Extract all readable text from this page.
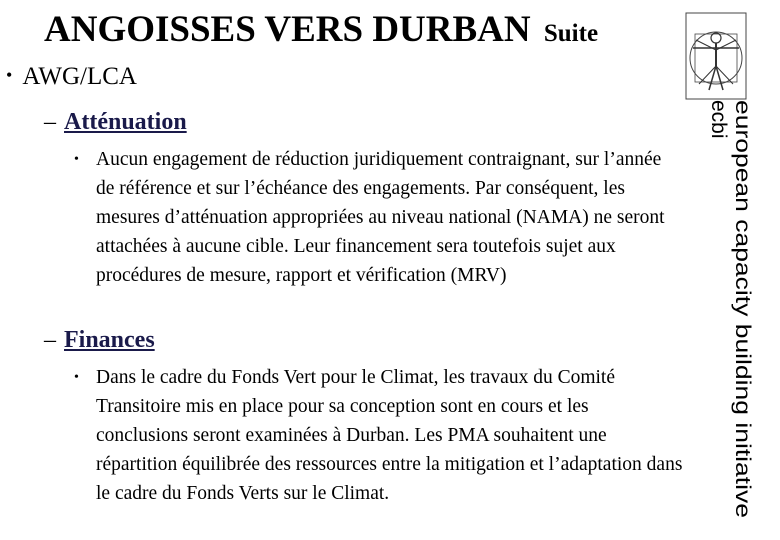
ANGOISSES VERS DURBAN Suite
european capacity building initiative
ecbi
• AWG/LCA
– Atténuation
• Aucun engagement de réduction juridiquement contraignant, sur l’année de référence et sur l’échéance des engagements. Par conséquent, les mesures d’atténuation appropriées au niveau national (NAMA) ne seront attachées à aucune cible. Leur financement sera toutefois sujet aux procédures de mesure, rapport et vérification (MRV)
– Finances
• Dans le cadre du Fonds Vert pour le Climat, les travaux du Comité Transitoire mis en place pour sa conception sont en cours et les conclusions seront examinées à Durban. Les PMA souhaitent une répartition équilibrée des ressources entre la mitigation et l’adaptation dans le cadre du Fonds Verts sur le Climat.
